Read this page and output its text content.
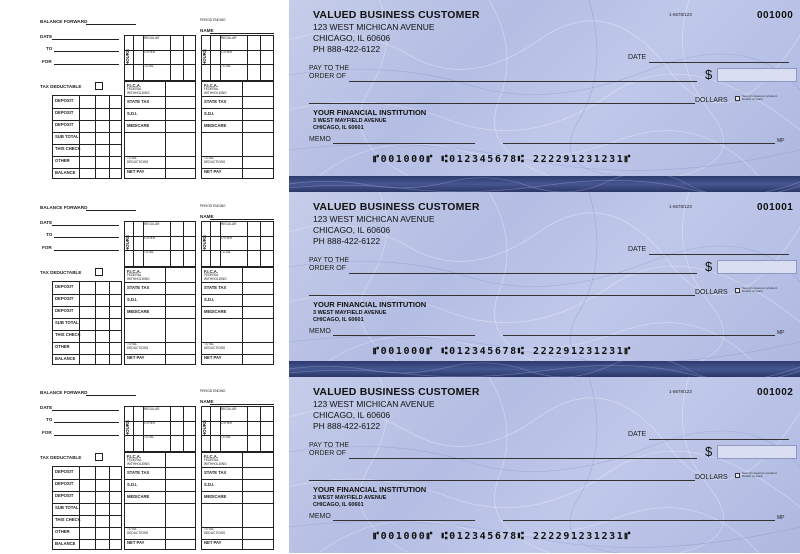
BALANCE FORWARD
DATE
TO
FOR
TAX DEDUCTABLE
DEPOSIT
DEPOSIT
DEPOSIT
SUB TOTAL
THIS CHECK
OTHER
BALANCE
PERIOD ENDING
NAME
HOURS	HOURS
REGULAR
OTHER
TOTAL
REGULAR
OTHER
TOTAL
F.I.C.A.
FEDERAL
WITHHOLDING
STATE TAX
S.D.I.
MEDICARE
TOTAL DEDUCTIONS
NET PAY
F.I.C.A.
FEDERAL
WITHHOLDING
STATE TAX
S.D.I.
MEDICARE
TOTAL DEDUCTIONS
NET PAY
BALANCE FORWARD
DATE
TO
FOR
TAX DEDUCTABLE
DEPOSIT
DEPOSIT
DEPOSIT
SUB TOTAL
THIS CHECK
OTHER
BALANCE
PERIOD ENDING
NAME
HOURS	HOURS
REGULAR
OTHER
TOTAL
REGULAR
OTHER
TOTAL
F.I.C.A.
FEDERAL
WITHHOLDING
STATE TAX
S.D.I.
MEDICARE
TOTAL DEDUCTIONS
NET PAY
F.I.C.A.
FEDERAL
WITHHOLDING
STATE TAX
S.D.I.
MEDICARE
TOTAL DEDUCTIONS
NET PAY
BALANCE FORWARD
DATE
TO
FOR
TAX DEDUCTABLE
DEPOSIT
DEPOSIT
DEPOSIT
SUB TOTAL
THIS CHECK
OTHER
BALANCE
PERIOD ENDING
NAME
HOURS	HOURS
REGULAR
OTHER
TOTAL
REGULAR
OTHER
TOTAL
F.I.C.A.
FEDERAL
WITHHOLDING
STATE TAX
S.D.I.
MEDICARE
TOTAL DEDUCTIONS
NET PAY
F.I.C.A.
FEDERAL
WITHHOLDING
STATE TAX
S.D.I.
MEDICARE
TOTAL DEDUCTIONS
NET PAY
VALUED BUSINESS CUSTOMER
123 WEST MICHICAN AVENUE
CHICAGO, IL 60606
PH 888-422-6122
1-5678/123	001000
DATE
PAY TO THE
ORDER OF	$
DOLLARS
Security features included. Details on back.
YOUR FINANCIAL INSTITUTION
3 WEST MAYFIELD AVENUE
CHICAGO, IL 60601
MEMO	MP
⑈001000⑈ ⑆012345678⑆ 222291231231⑈
VALUED BUSINESS CUSTOMER
123 WEST MICHICAN AVENUE
CHICAGO, IL 60606
PH 888-422-6122
1-5678/123	001001
DATE
PAY TO THE
ORDER OF	$
DOLLARS
Security features included. Details on back.
YOUR FINANCIAL INSTITUTION
3 WEST MAYFIELD AVENUE
CHICAGO, IL 60601
MEMO	MP
⑈001000⑈ ⑆012345678⑆ 222291231231⑈
VALUED BUSINESS CUSTOMER
123 WEST MICHICAN AVENUE
CHICAGO, IL 60606
PH 888-422-6122
1-5678/123	001002
DATE
PAY TO THE
ORDER OF	$
DOLLARS
Security features included. Details on back.
YOUR FINANCIAL INSTITUTION
3 WEST MAYFIELD AVENUE
CHICAGO, IL 60601
MEMO	MP
⑈001000⑈ ⑆012345678⑆ 222291231231⑈
